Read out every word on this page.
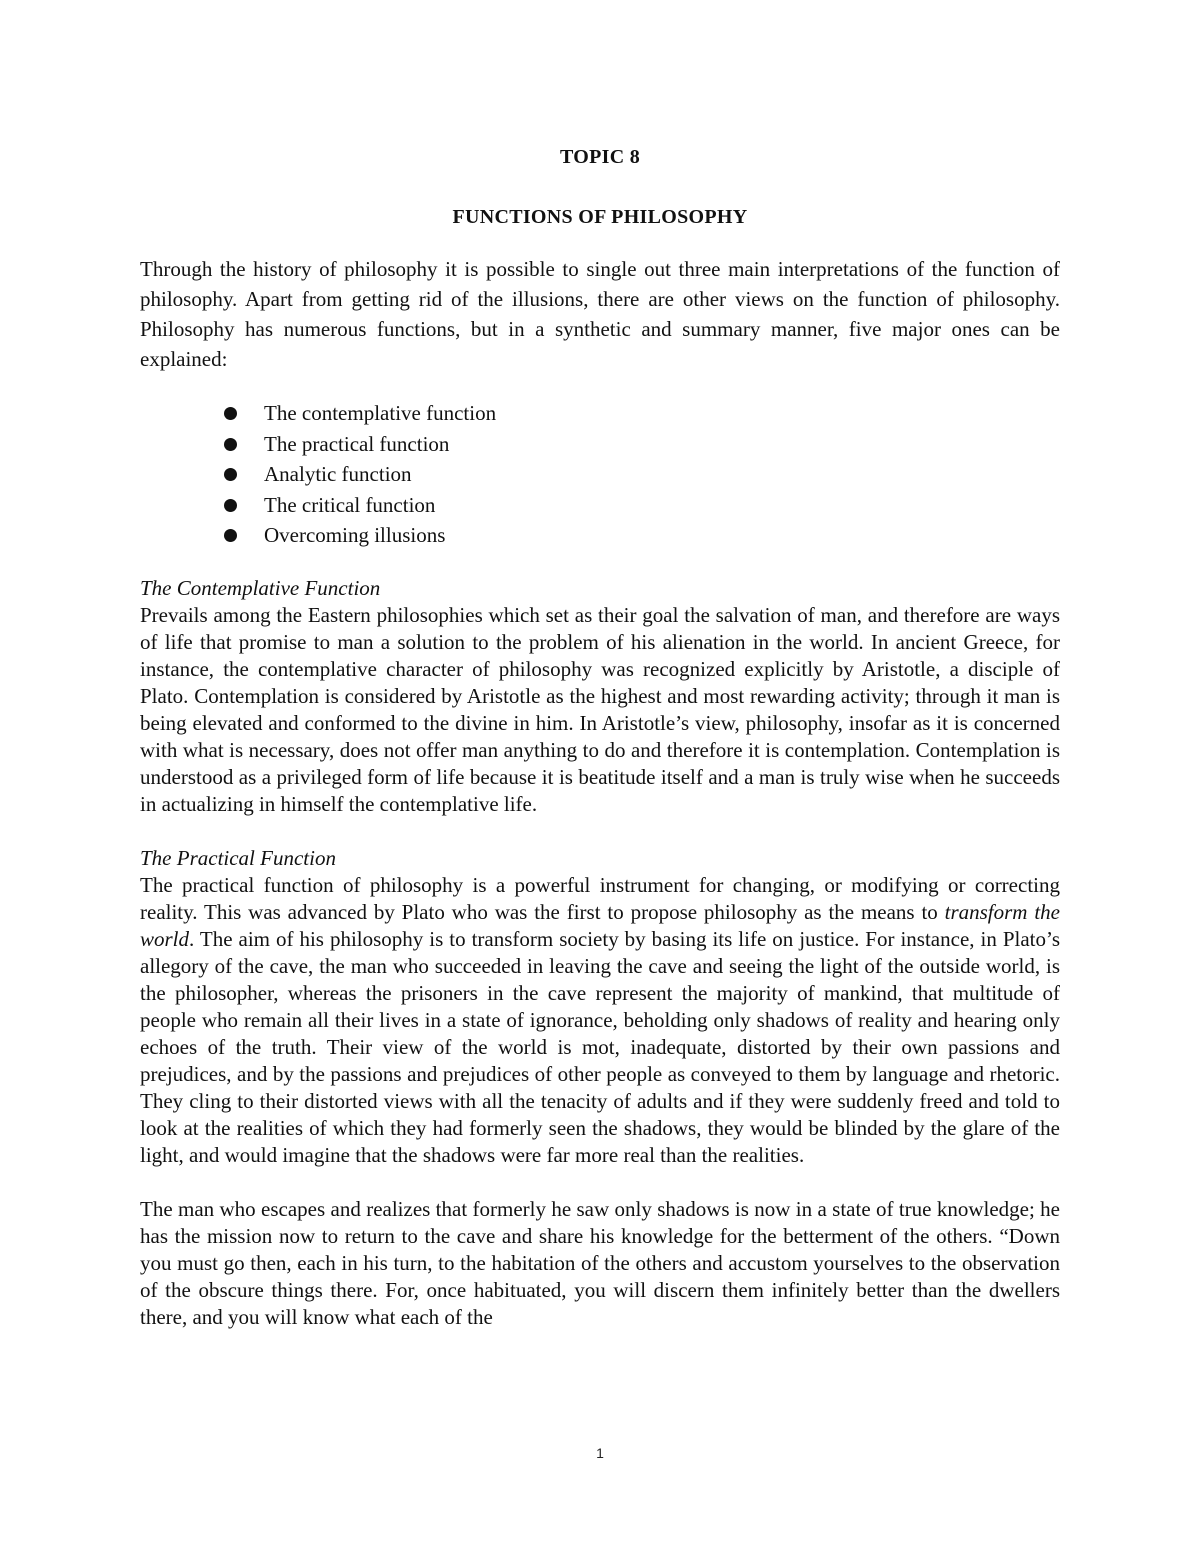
TOPIC 8
FUNCTIONS OF PHILOSOPHY

Through the history of philosophy it is possible to single out three main interpretations of the function of philosophy. Apart from getting rid of the illusions, there are other views on the function of philosophy. Philosophy has numerous functions, but in a synthetic and summary manner, five major ones can be explained:

The contemplative function
The practical function
Analytic function
The critical function
Overcoming illusions
The Contemplative Function

Prevails among the Eastern philosophies which set as their goal the salvation of man, and therefore are ways of life that promise to man a solution to the problem of his alienation in the world. In ancient Greece, for instance, the contemplative character of philosophy was recognized explicitly by Aristotle, a disciple of Plato. Contemplation is considered by Aristotle as the highest and most rewarding activity; through it man is being elevated and conformed to the divine in him. In Aristotle’s view, philosophy, insofar as it is concerned with what is necessary, does not offer man anything to do and therefore it is contemplation. Contemplation is understood as a privileged form of life because it is beatitude itself and a man is truly wise when he succeeds in actualizing in himself the contemplative life.

The Practical Function

The practical function of philosophy is a powerful instrument for changing, or modifying or correcting reality. This was advanced by Plato who was the first to propose philosophy as the means to transform the world. The aim of his philosophy is to transform society by basing its life on justice. For instance, in Plato’s allegory of the cave, the man who succeeded in leaving the cave and seeing the light of the outside world, is the philosopher, whereas the prisoners in the cave represent the majority of mankind, that multitude of people who remain all their lives in a state of ignorance, beholding only shadows of reality and hearing only echoes of the truth. Their view of the world is mot, inadequate, distorted by their own passions and prejudices, and by the passions and prejudices of other people as conveyed to them by language and rhetoric. They cling to their distorted views with all the tenacity of adults and if they were suddenly freed and told to look at the realities of which they had formerly seen the shadows, they would be blinded by the glare of the light, and would imagine that the shadows were far more real than the realities.

The man who escapes and realizes that formerly he saw only shadows is now in a state of true knowledge; he has the mission now to return to the cave and share his knowledge for the betterment of the others. “Down you must go then, each in his turn, to the habitation of the others and accustom yourselves to the observation of the obscure things there. For, once habituated, you will discern them infinitely better than the dwellers there, and you will know what each of the

1
